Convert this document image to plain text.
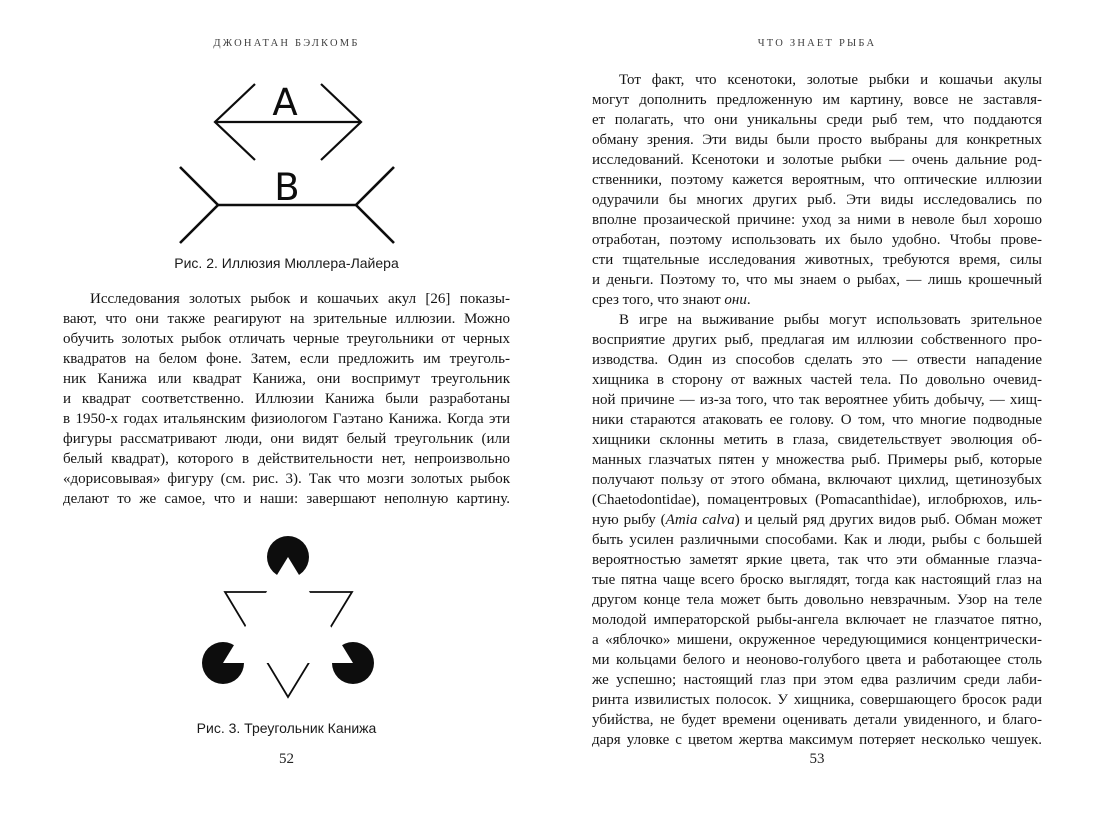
ДЖОНАТАН БЭЛКОМБ	ЧТО ЗНАЕТ РЫБА
A
B
Рис. 2. Иллюзия Мюллера-Лайера
Исследования золотых рыбок и кошачьих акул [26] показы-
вают, что они также реагируют на зрительные иллюзии. Можно
обучить золотых рыбок отличать черные треугольники от черных
квадратов на белом фоне. Затем, если предложить им треуголь-
ник Канижа или квадрат Канижа, они воспримут треугольник
и квадрат соответственно. Иллюзии Канижа были разработаны
в 1950-х годах итальянским физиологом Гаэтано Канижа. Когда эти
фигуры рассматривают люди, они видят белый треугольник (или
белый квадрат), которого в действительности нет, непроизвольно
«дорисовывая» фигуру (см. рис. 3). Так что мозги золотых рыбок
делают то же самое, что и наши: завершают неполную картину.
Рис. 3. Треугольник Канижа
Тот факт, что ксенотоки, золотые рыбки и кошачьи акулы
могут дополнить предложенную им картину, вовсе не заставля-
ет полагать, что они уникальны среди рыб тем, что поддаются
обману зрения. Эти виды были просто выбраны для конкретных
исследований. Ксенотоки и золотые рыбки — очень дальние род-
ственники, поэтому кажется вероятным, что оптические иллюзии
одурачили бы многих других рыб. Эти виды исследовались по
вполне прозаической причине: уход за ними в неволе был хорошо
отработан, поэтому использовать их было удобно. Чтобы прове-
сти тщательные исследования животных, требуются время, силы
и деньги. Поэтому то, что мы знаем о рыбах, — лишь крошечный
срез того, что знают они.
В игре на выживание рыбы могут использовать зрительное
восприятие других рыб, предлагая им иллюзии собственного про-
изводства. Один из способов сделать это — отвести нападение
хищника в сторону от важных частей тела. По довольно очевид-
ной причине — из-за того, что так вероятнее убить добычу, — хищ-
ники стараются атаковать ее голову. О том, что многие подводные
хищники склонны метить в глаза, свидетельствует эволюция об-
манных глазчатых пятен у множества рыб. Примеры рыб, которые
получают пользу от этого обмана, включают цихлид, щетинозубых
(Chaetodontidae), помацентровых (Pomacanthidae), иглобрюхов, иль-
ную рыбу (Amia calva) и целый ряд других видов рыб. Обман может
быть усилен различными способами. Как и люди, рыбы с большей
вероятностью заметят яркие цвета, так что эти обманные глазча-
тые пятна чаще всего броско выглядят, тогда как настоящий глаз на
другом конце тела может быть довольно невзрачным. Узор на теле
молодой императорской рыбы-ангела включает не глазчатое пятно,
а «яблочко» мишени, окруженное чередующимися концентрически-
ми кольцами белого и неоново-голубого цвета и работающее столь
же успешно; настоящий глаз при этом едва различим среди лаби-
ринта извилистых полосок. У хищника, совершающего бросок ради
убийства, не будет времени оценивать детали увиденного, и благо-
даря уловке с цветом жертва максимум потеряет несколько чешуек.
52	53
